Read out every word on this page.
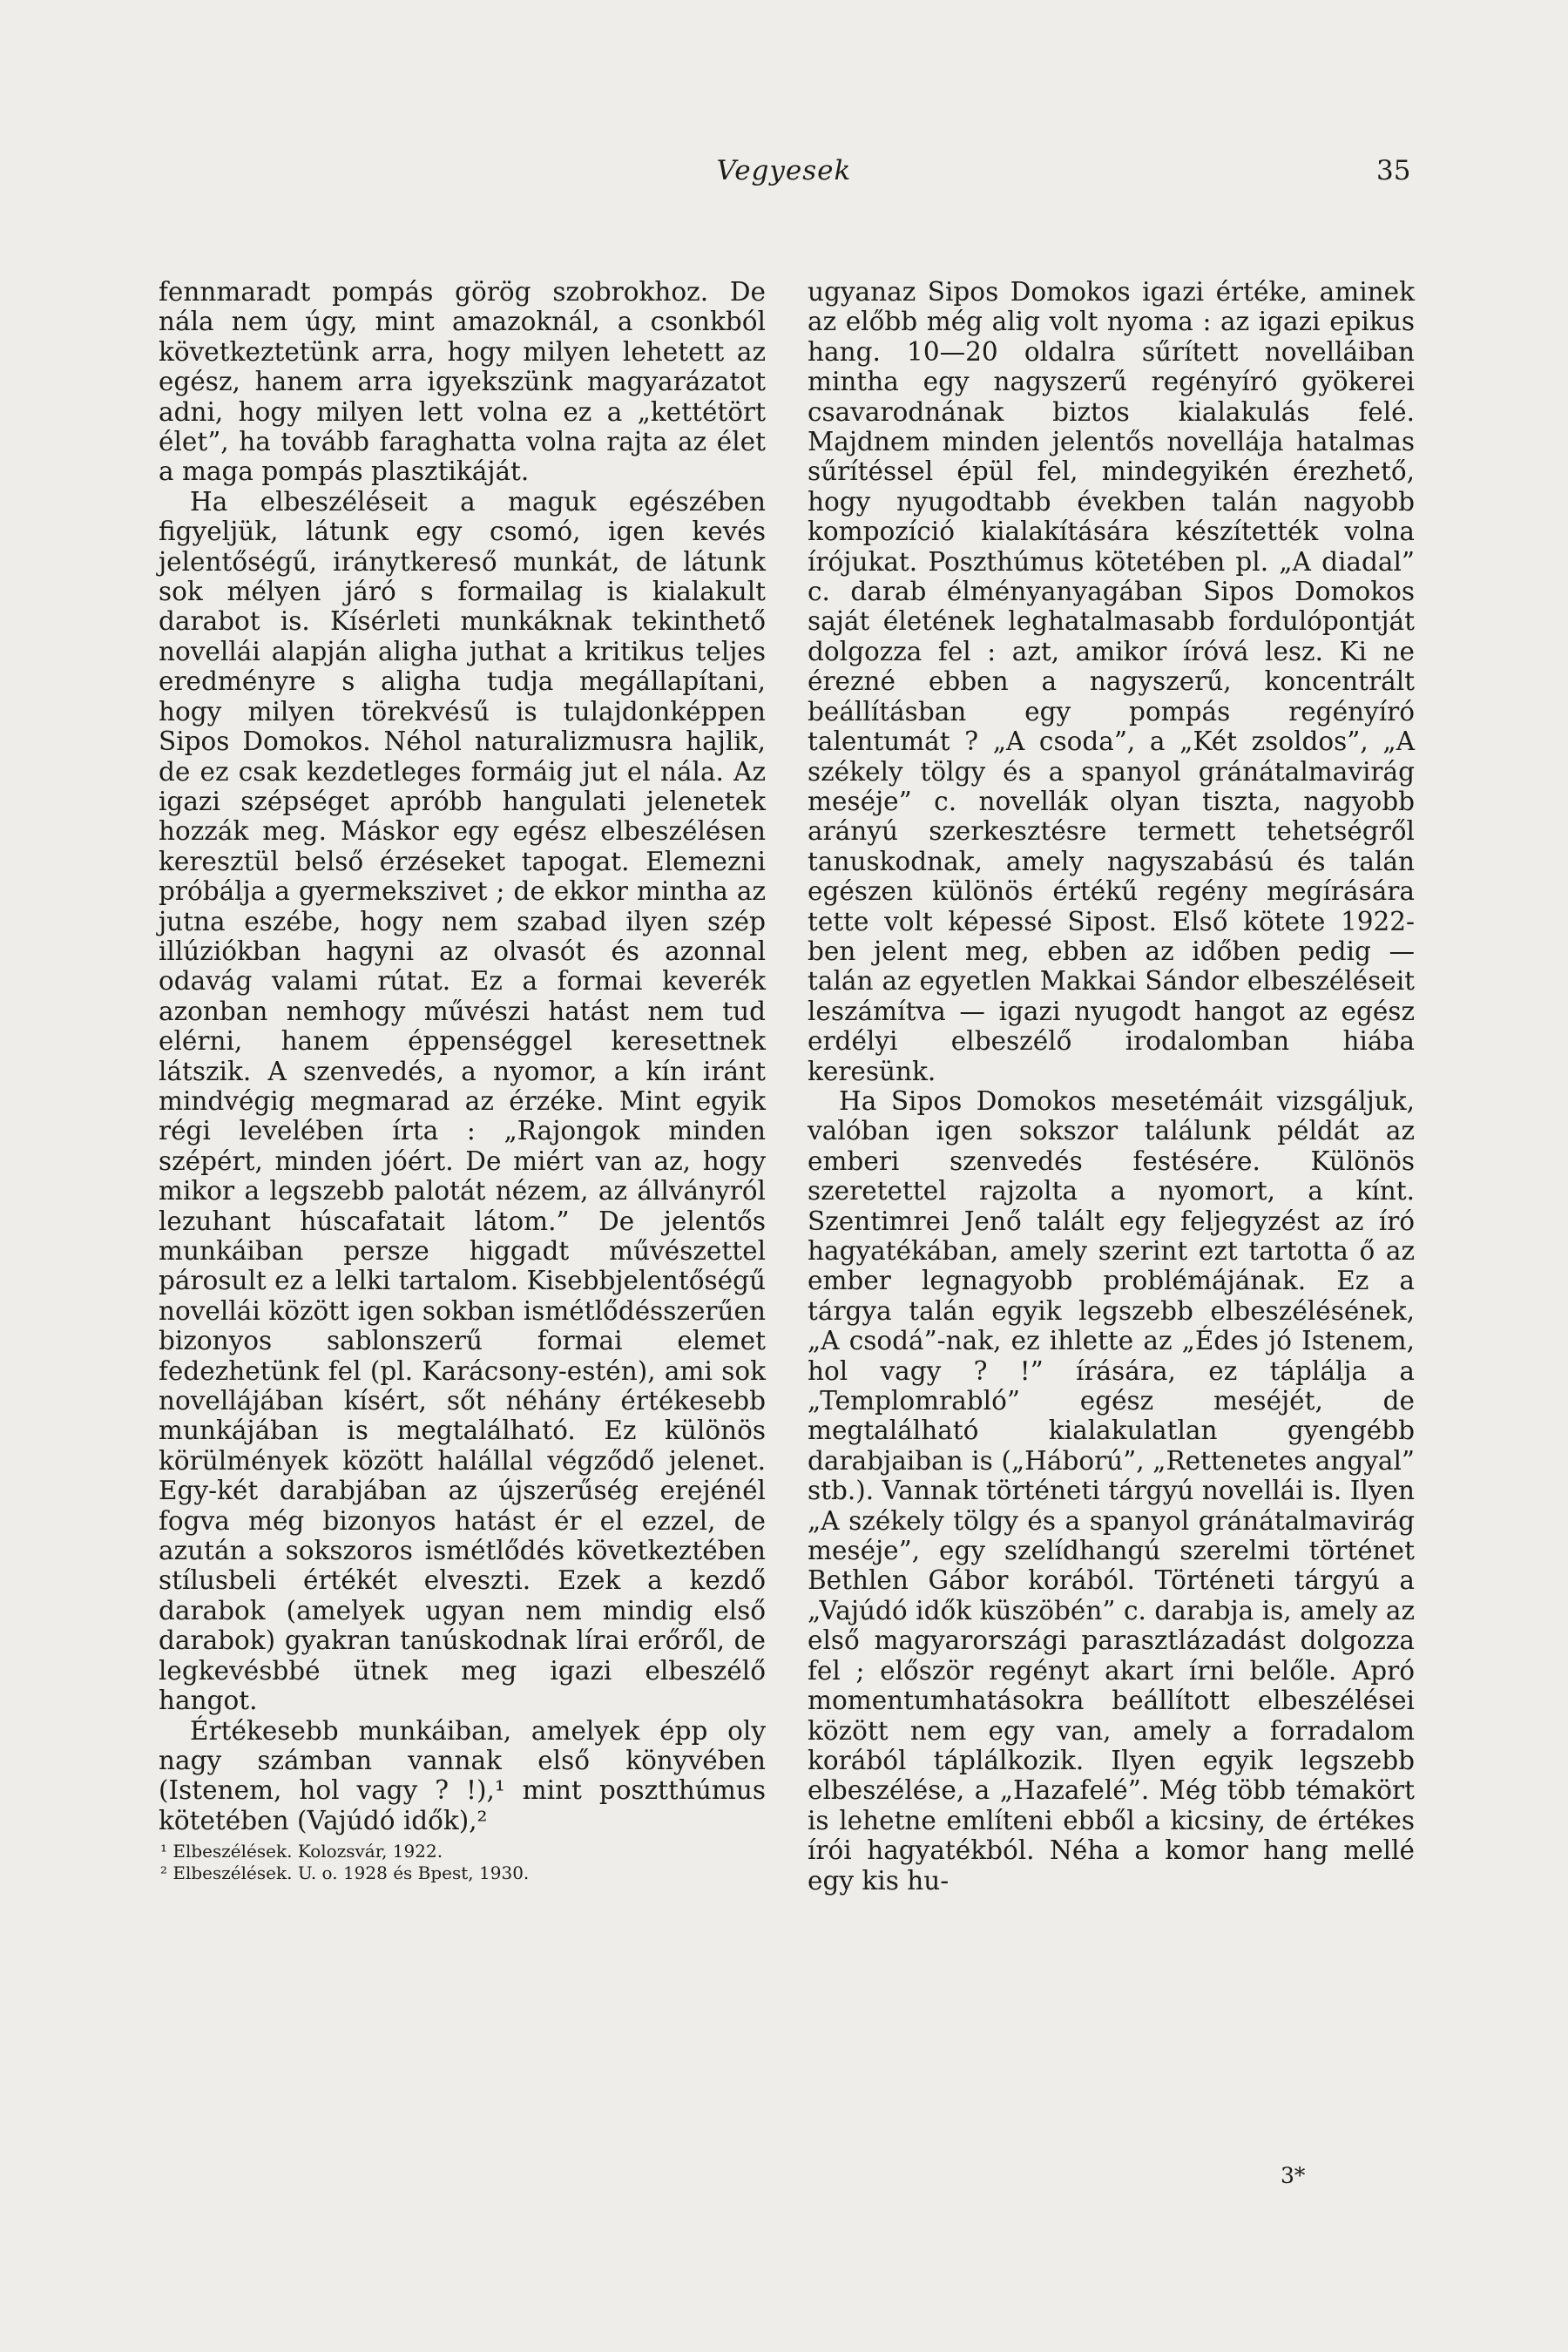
Vegyesek	35

fennmaradt pompás görög szobrokhoz. De nála nem úgy, mint amazoknál, a csonkból következtetünk arra, hogy milyen lehetett az egész, hanem arra igyekszünk magyarázatot adni, hogy milyen lett volna ez a „kettétört élet”, ha tovább faraghatta volna rajta az élet a maga pompás plasztikáját.

Ha elbeszéléseit a maguk egészében figyeljük, látunk egy csomó, igen kevés jelentőségű, iránytkereső munkát, de látunk sok mélyen járó s formailag is kialakult darabot is. Kísérleti munkáknak tekinthető novellái alapján aligha juthat a kritikus teljes eredményre s aligha tudja megállapítani, hogy milyen törekvésű is tulajdonképpen Sipos Domokos. Néhol naturalizmusra hajlik, de ez csak kezdetleges formáig jut el nála. Az igazi szépséget apróbb hangulati jelenetek hozzák meg. Máskor egy egész elbeszélésen keresztül belső érzéseket tapogat. Elemezni próbálja a gyermekszivet ; de ekkor mintha az jutna eszébe, hogy nem szabad ilyen szép illúziókban hagyni az olvasót és azonnal odavág valami rútat. Ez a formai keverék azonban nemhogy művészi hatást nem tud elérni, hanem éppenséggel keresettnek látszik. A szenvedés, a nyomor, a kín iránt mindvégig megmarad az érzéke. Mint egyik régi levelében írta : „Rajongok minden szépért, minden jóért. De miért van az, hogy mikor a legszebb palotát nézem, az állványról lezuhant húscafatait látom.” De jelentős munkáiban persze higgadt művészettel párosult ez a lelki tartalom. Kisebbjelentőségű novellái között igen sokban ismétlődésszerűen bizonyos sablonszerű formai elemet fedezhetünk fel (pl. Karácsony-estén), ami sok novellájában kísért, sőt néhány értékesebb munkájában is megtalálható. Ez különös körülmények között halállal végződő jelenet. Egy-két darabjában az újszerűség erejénél fogva még bizonyos hatást ér el ezzel, de azután a sokszoros ismétlődés következtében stílusbeli értékét elveszti. Ezek a kezdő darabok (amelyek ugyan nem mindig első darabok) gyakran tanúskodnak lírai erőről, de legkevésbbé ütnek meg igazi elbeszélő hangot.

Értékesebb munkáiban, amelyek épp oly nagy számban vannak első könyvében (Istenem, hol vagy ? !),¹ mint posztthúmus kötetében (Vajúdó idők),²

¹ Elbeszélések. Kolozsvár, 1922.
² Elbeszélések. U. o. 1928 és Bpest, 1930.

ugyanaz Sipos Domokos igazi értéke, aminek az előbb még alig volt nyoma : az igazi epikus hang. 10—20 oldalra sűrített novelláiban mintha egy nagyszerű regényíró gyökerei csavarodnának biztos kialakulás felé. Majdnem minden jelentős novellája hatalmas sűrítéssel épül fel, mindegyikén érezhető, hogy nyugodtabb években talán nagyobb kompozíció kialakítására készítették volna írójukat. Poszthúmus kötetében pl. „A diadal” c. darab élményanyagában Sipos Domokos saját életének leghatalmasabb fordulópontját dolgozza fel : azt, amikor íróvá lesz. Ki ne érezné ebben a nagyszerű, koncentrált beállításban egy pompás regényíró talentumát ? „A csoda”, a „Két zsoldos”, „A székely tölgy és a spanyol gránátalmavirág meséje” c. novellák olyan tiszta, nagyobb arányú szerkesztésre termett tehetségről tanuskodnak, amely nagyszabású és talán egészen különös értékű regény megírására tette volt képessé Sipost. Első kötete 1922-ben jelent meg, ebben az időben pedig — talán az egyetlen Makkai Sándor elbeszéléseit leszámítva — igazi nyugodt hangot az egész erdélyi elbeszélő irodalomban hiába keresünk.

Ha Sipos Domokos mesetémáit vizsgáljuk, valóban igen sokszor találunk példát az emberi szenvedés festésére. Különös szeretettel rajzolta a nyomort, a kínt. Szentimrei Jenő talált egy feljegyzést az író hagyatékában, amely szerint ezt tartotta ő az ember legnagyobb problémájának. Ez a tárgya talán egyik legszebb elbeszélésének, „A csodá”-nak, ez ihlette az „Édes jó Istenem, hol vagy ? !” írására, ez táplálja a „Templomrabló” egész meséjét, de megtalálható kialakulatlan gyengébb darabjaiban is („Háború”, „Rettenetes angyal” stb.). Vannak történeti tárgyú novellái is. Ilyen „A székely tölgy és a spanyol gránátalmavirág meséje”, egy szelídhangú szerelmi történet Bethlen Gábor korából. Történeti tárgyú a „Vajúdó idők küszöbén” c. darabja is, amely az első magyarországi parasztlázadást dolgozza fel ; először regényt akart írni belőle. Apró momentumhatásokra beállított elbeszélései között nem egy van, amely a forradalom korából táplálkozik. Ilyen egyik legszebb elbeszélése, a „Hazafelé”. Még több témakört is lehetne említeni ebből a kicsiny, de értékes írói hagyatékból. Néha a komor hang mellé egy kis hu-

3*
